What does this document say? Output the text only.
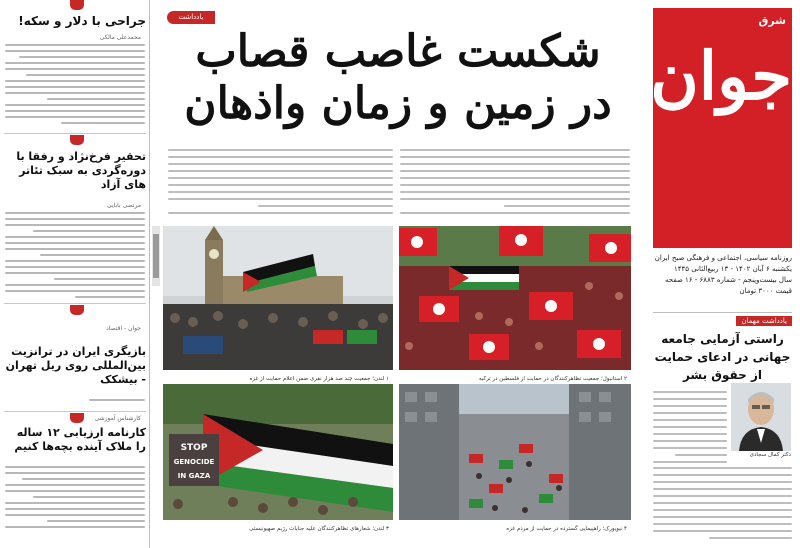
جراحی با دلار و سکه!
محمدعلی مالکی
تحقیر فرخ‌نژاد و رفقا با دوره‌گردی به سبک تئاتر های آزاد
مرتضی بابایی
جوان - اقتصاد
بازیگری ایران در ترانزیت بین‌المللی روی ریل تهران - بیشکک
کارشناس آموزشی
کارنامه ارزیابی ۱۲ ساله را ملاک آینده بچه‌ها کنیم
یادداشت
شکست غاصب قصاب
در زمین و زمان واذهان
۱ لندن؛ جمعیت چند صد هزار نفری ضمن اعلام حمایت از غزه	۲ استانبول؛ جمعیت تظاهرکنندگان در حمایت از فلسطین در ترکیه
STOP
GENOCIDE
IN GAZA
۳ لندن؛ شعارهای تظاهرکنندگان علیه جنایات رژیم صهیونیستی	۴ نیویورک؛ راهپیمایی گسترده در حمایت از مردم غزه
شرق
جوان
روزنامه سیاسی، اجتماعی و فرهنگی صبح ایران
یکشنبه ۶ آبان ۱۴۰۲ - ۱۳ ربیع‌الثانی ۱۴۴۵
سال بیست‌وپنجم - شماره ۶۸۸۳ - ۱۶ صفحه
قیمت ۳۰۰۰ تومان
یادداشت مهمان
راستی آزمایی جامعه جهانی در ادعای حمایت از حقوق بشر
دکتر کمال سجادی
